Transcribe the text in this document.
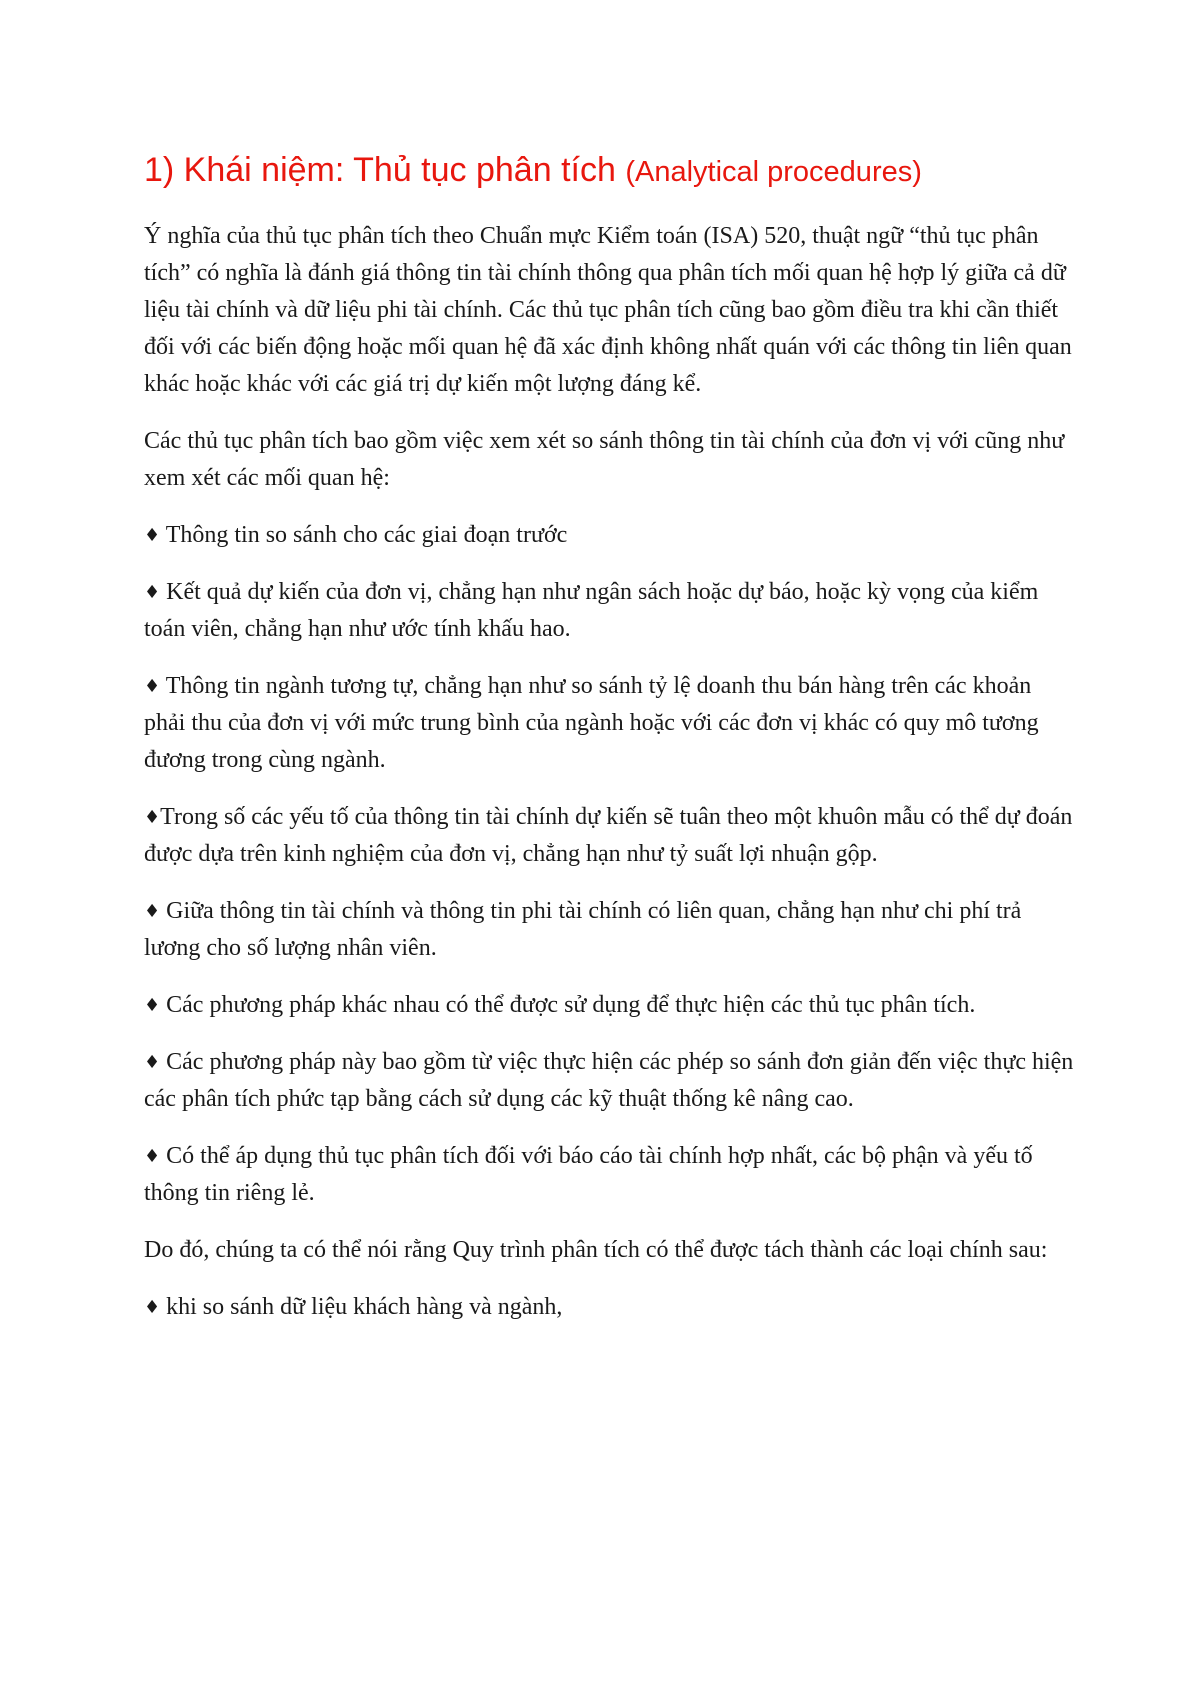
1) Khái niệm: Thủ tục phân tích (Analytical procedures)

Ý nghĩa của thủ tục phân tích theo Chuẩn mực Kiểm toán (ISA) 520, thuật ngữ “thủ tục phân tích” có nghĩa là đánh giá thông tin tài chính thông qua phân tích mối quan hệ hợp lý giữa cả dữ liệu tài chính và dữ liệu phi tài chính. Các thủ tục phân tích cũng bao gồm điều tra khi cần thiết đối với các biến động hoặc mối quan hệ đã xác định không nhất quán với các thông tin liên quan khác hoặc khác với các giá trị dự kiến một lượng đáng kể.

Các thủ tục phân tích bao gồm việc xem xét so sánh thông tin tài chính của đơn vị với cũng như xem xét các mối quan hệ:

♦ Thông tin so sánh cho các giai đoạn trước

♦ Kết quả dự kiến của đơn vị, chẳng hạn như ngân sách hoặc dự báo, hoặc kỳ vọng của kiểm toán viên, chẳng hạn như ước tính khấu hao.

♦ Thông tin ngành tương tự, chẳng hạn như so sánh tỷ lệ doanh thu bán hàng trên các khoản phải thu của đơn vị với mức trung bình của ngành hoặc với các đơn vị khác có quy mô tương đương trong cùng ngành.

♦Trong số các yếu tố của thông tin tài chính dự kiến sẽ tuân theo một khuôn mẫu có thể dự đoán được dựa trên kinh nghiệm của đơn vị, chẳng hạn như tỷ suất lợi nhuận gộp.

♦ Giữa thông tin tài chính và thông tin phi tài chính có liên quan, chẳng hạn như chi phí trả lương cho số lượng nhân viên.

♦ Các phương pháp khác nhau có thể được sử dụng để thực hiện các thủ tục phân tích.

♦ Các phương pháp này bao gồm từ việc thực hiện các phép so sánh đơn giản đến việc thực hiện các phân tích phức tạp bằng cách sử dụng các kỹ thuật thống kê nâng cao.

♦ Có thể áp dụng thủ tục phân tích đối với báo cáo tài chính hợp nhất, các bộ phận và yếu tố thông tin riêng lẻ.

Do đó, chúng ta có thể nói rằng Quy trình phân tích có thể được tách thành các loại chính sau:

♦ khi so sánh dữ liệu khách hàng và ngành,
